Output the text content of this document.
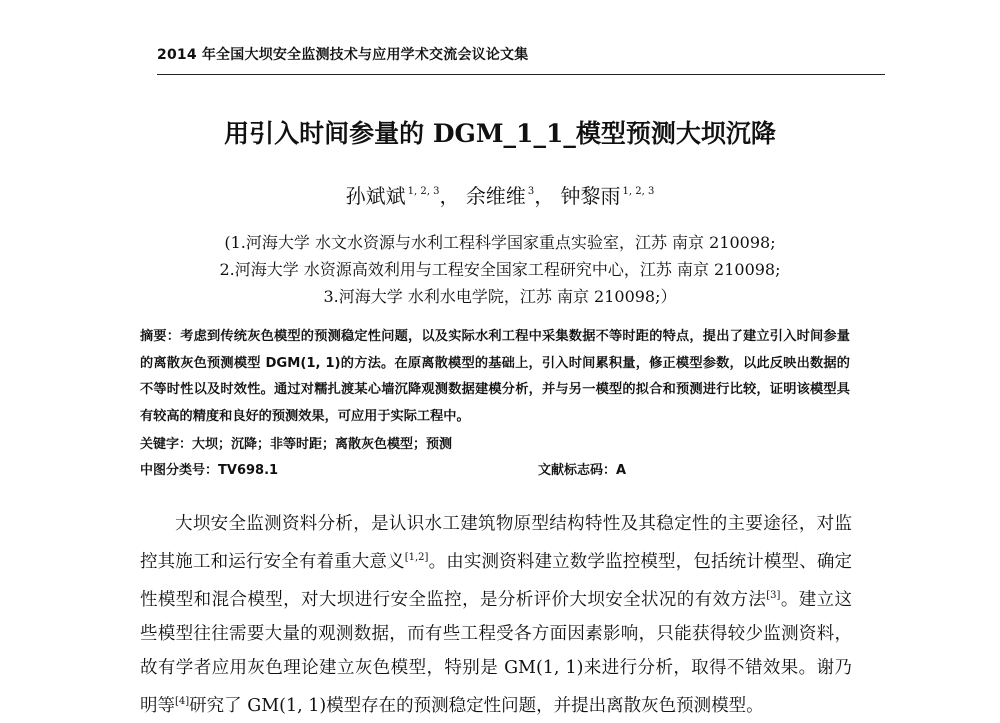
2014 年全国大坝安全监测技术与应用学术交流会议论文集
用引入时间参量的 DGM_1_1_模型预测大坝沉降
孙斌斌 $^{1, 2, 3}$， 余维维 $^3$， 钟黎雨 $^{1, 2, 3}$
(1.河海大学 水文水资源与水利工程科学国家重点实验室，江苏 南京 210098;
2.河海大学 水资源高效利用与工程安全国家工程研究中心，江苏 南京 210098;
3.河海大学 水利水电学院，江苏 南京 210098;）
摘要：考虑到传统灰色模型的预测稳定性问题，以及实际水利工程中采集数据不等时距的特点，提出了建立引入时间参量的离散灰色预测模型 DGM(1, 1)的方法。在原离散模型的基础上，引入时间累积量，修正模型参数，以此反映出数据的不等时性以及时效性。通过对糯扎渡某心墙沉降观测数据建模分析，并与另一模型的拟合和预测进行比较，证明该模型具有较高的精度和良好的预测效果，可应用于实际工程中。
关键字：大坝；沉降；非等时距；离散灰色模型；预测
中图分类号：TV698.1	文献标志码：A

大坝安全监测资料分析，是认识水工建筑物原型结构特性及其稳定性的主要途径，对监控其施工和运行安全有着重大意义[1,2]。由实测资料建立数学监控模型，包括统计模型、确定性模型和混合模型，对大坝进行安全监控，是分析评价大坝安全状况的有效方法[3]。建立这些模型往往需要大量的观测数据，而有些工程受各方面因素影响，只能获得较少监测资料，故有学者应用灰色理论建立灰色模型，特别是 GM(1, 1)来进行分析，取得不错效果。谢乃明等[4]研究了 GM(1, 1)模型存在的预测稳定性问题，并提出离散灰色预测模型。
